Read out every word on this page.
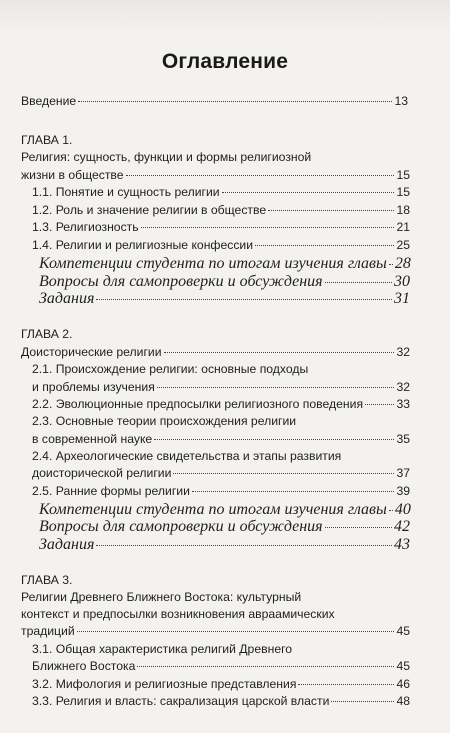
Оглавление
Введение	13
ГЛАВА 1.
Религия: сущность, функции и формы религиозной
жизни в обществе	15
1.1. Понятие и сущность религии	15
1.2. Роль и значение религии в обществе	18
1.3. Религиозность	21
1.4. Религии и религиозные конфессии	25
Компетенции студента по итогам изучения главы 28
Вопросы для самопроверки и обсуждения	30
Задания	31
ГЛАВА 2.
Доисторические религии	32
2.1. Происхождение религии: основные подходы
и проблемы изучения	32
2.2. Эволюционные предпосылки религиозного поведения	33
2.3. Основные теории происхождения религии
в современной науке	35
2.4. Археологические свидетельства и этапы развития
доисторической религии	37
2.5. Ранние формы религии	39
Компетенции студента по итогам изучения главы 40
Вопросы для самопроверки и обсуждения	42
Задания	43
ГЛАВА 3.
Религии Древнего Ближнего Востока: культурный
контекст и предпосылки возникновения авраамических
традиций	45
3.1. Общая характеристика религий Древнего
Ближнего Востока	45
3.2. Мифология и религиозные представления	46
3.3. Религия и власть: сакрализация царской власти	48
